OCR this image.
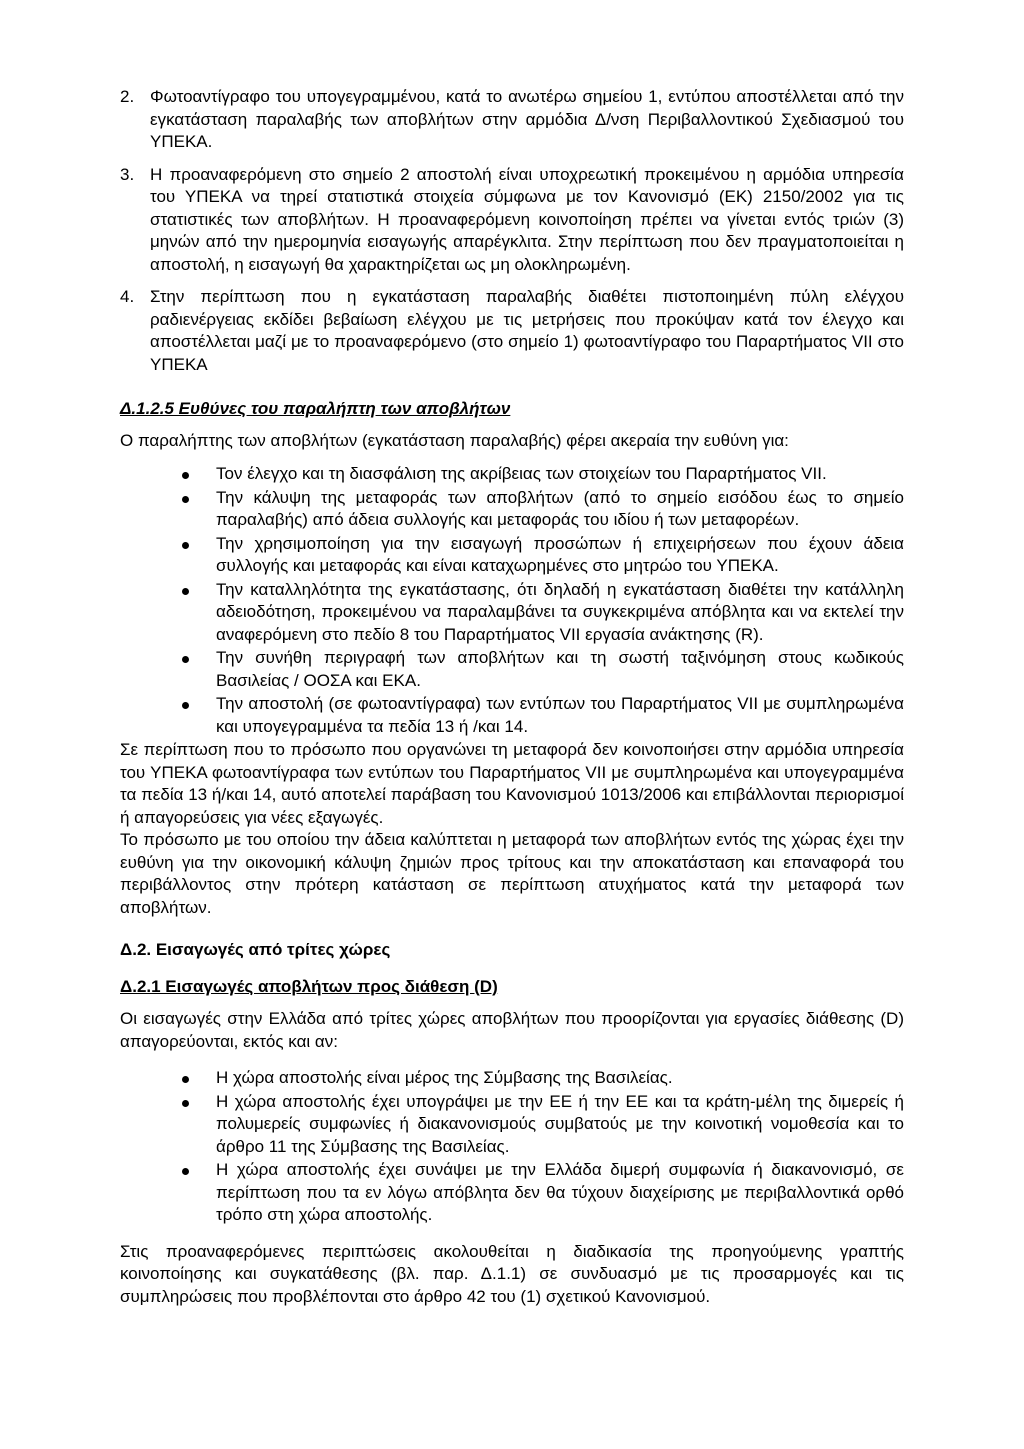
2. Φωτοαντίγραφο του υπογεγραμμένου, κατά το ανωτέρω σημείου 1, εντύπου αποστέλλεται από την εγκατάσταση παραλαβής των αποβλήτων στην αρμόδια Δ/νση Περιβαλλοντικού Σχεδιασμού του ΥΠΕΚΑ.
3. Η προαναφερόμενη στο σημείο 2 αποστολή είναι υποχρεωτική προκειμένου η αρμόδια υπηρεσία του ΥΠΕΚΑ να τηρεί στατιστικά στοιχεία σύμφωνα με τον Κανονισμό (ΕΚ) 2150/2002 για τις στατιστικές των αποβλήτων. Η προαναφερόμενη κοινοποίηση πρέπει να γίνεται εντός τριών (3) μηνών από την ημερομηνία εισαγωγής απαρέγκλιτα. Στην περίπτωση που δεν πραγματοποιείται η αποστολή, η εισαγωγή θα χαρακτηρίζεται ως μη ολοκληρωμένη.
4. Στην περίπτωση που η εγκατάσταση παραλαβής διαθέτει πιστοποιημένη πύλη ελέγχου ραδιενέργειας εκδίδει βεβαίωση ελέγχου με τις μετρήσεις που προκύψαν κατά τον έλεγχο και αποστέλλεται μαζί με το προαναφερόμενο (στο σημείο 1) φωτοαντίγραφο του Παραρτήματος VII στο ΥΠΕΚΑ
Δ.1.2.5 Ευθύνες του παραλήπτη των αποβλήτων

Ο παραλήπτης των αποβλήτων (εγκατάσταση παραλαβής) φέρει ακεραία την ευθύνη για:

Τον έλεγχο και τη διασφάλιση της ακρίβειας των στοιχείων του Παραρτήματος VII.
Την κάλυψη της μεταφοράς των αποβλήτων (από το σημείο εισόδου έως το σημείο παραλαβής) από άδεια συλλογής και μεταφοράς του ιδίου ή των μεταφορέων.
Την χρησιμοποίηση για την εισαγωγή προσώπων ή επιχειρήσεων που έχουν άδεια συλλογής και μεταφοράς και είναι καταχωρημένες στο μητρώο του ΥΠΕΚΑ.
Την καταλληλότητα της εγκατάστασης, ότι δηλαδή η εγκατάσταση διαθέτει την κατάλληλη αδειοδότηση, προκειμένου να παραλαμβάνει τα συγκεκριμένα απόβλητα και να εκτελεί την αναφερόμενη στο πεδίο 8 του Παραρτήματος VII εργασία ανάκτησης (R).
Την συνήθη περιγραφή των αποβλήτων και τη σωστή ταξινόμηση στους κωδικούς Βασιλείας / ΟΟΣΑ και ΕΚΑ.
Την αποστολή (σε φωτοαντίγραφα) των εντύπων του Παραρτήματος VII με συμπληρωμένα και υπογεγραμμένα τα πεδία 13 ή /και 14.

Σε περίπτωση που το πρόσωπο που οργανώνει τη μεταφορά δεν κοινοποιήσει στην αρμόδια υπηρεσία του ΥΠΕΚΑ φωτοαντίγραφα των εντύπων του Παραρτήματος VII με συμπληρωμένα και υπογεγραμμένα τα πεδία 13 ή/και 14, αυτό αποτελεί παράβαση του Κανονισμού 1013/2006 και επιβάλλονται περιορισμοί ή απαγορεύσεις για νέες εξαγωγές.

Το πρόσωπο με του οποίου την άδεια καλύπτεται η μεταφορά των αποβλήτων εντός της χώρας έχει την ευθύνη για την οικονομική κάλυψη ζημιών προς τρίτους και την αποκατάσταση και επαναφορά του περιβάλλοντος στην πρότερη κατάσταση σε περίπτωση ατυχήματος κατά την μεταφορά των αποβλήτων.

Δ.2. Εισαγωγές από τρίτες χώρες
Δ.2.1 Εισαγωγές αποβλήτων προς διάθεση (D)

Οι εισαγωγές στην Ελλάδα από τρίτες χώρες αποβλήτων που προορίζονται για εργασίες διάθεσης (D) απαγορεύονται, εκτός και αν:

Η χώρα αποστολής είναι μέρος της Σύμβασης της Βασιλείας.
Η χώρα αποστολής έχει υπογράψει με την ΕΕ ή την ΕΕ και τα κράτη-μέλη της διμερείς ή πολυμερείς συμφωνίες ή διακανονισμούς συμβατούς με την κοινοτική νομοθεσία και το άρθρο 11 της Σύμβασης της Βασιλείας.
Η χώρα αποστολής έχει συνάψει με την Ελλάδα διμερή συμφωνία ή διακανονισμό, σε περίπτωση που τα εν λόγω απόβλητα δεν θα τύχουν διαχείρισης με περιβαλλοντικά ορθό τρόπο στη χώρα αποστολής.

Στις προαναφερόμενες περιπτώσεις ακολουθείται η διαδικασία της προηγούμενης γραπτής κοινοποίησης και συγκατάθεσης (βλ. παρ. Δ.1.1) σε συνδυασμό με τις προσαρμογές και τις συμπληρώσεις που προβλέπονται στο άρθρο 42 του (1) σχετικού Κανονισμού.
